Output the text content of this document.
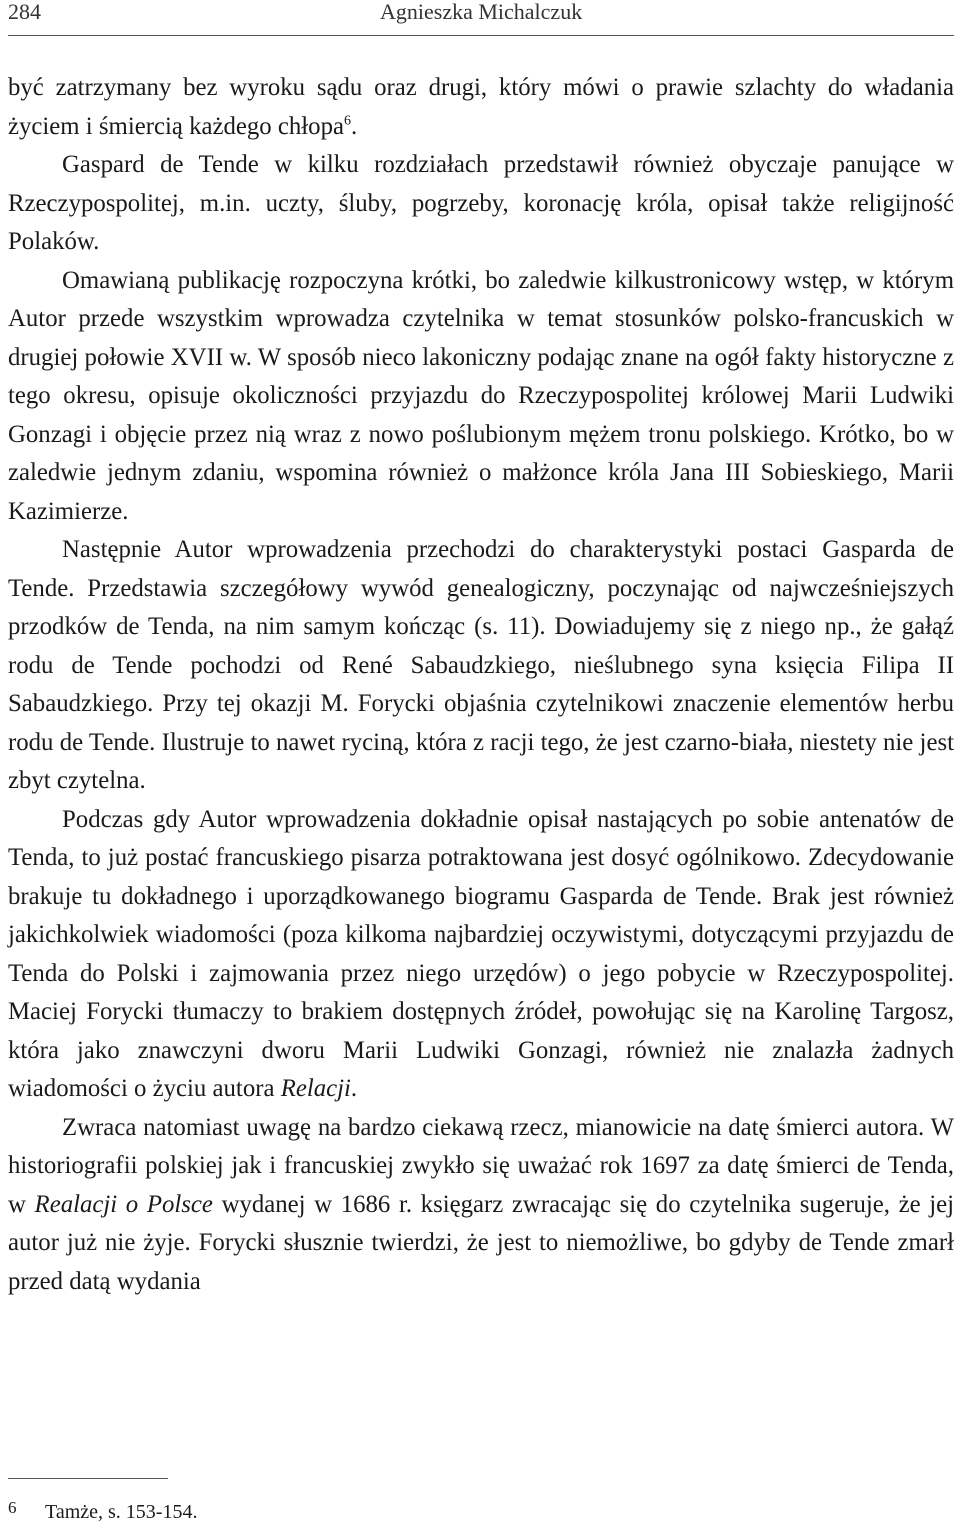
284	Agnieszka Michalczuk

być zatrzymany bez wyroku sądu oraz drugi, który mówi o prawie szlachty do władania życiem i śmiercią każdego chłopa$^6$.

Gaspard de Tende w kilku rozdziałach przedstawił również obyczaje panujące w Rzeczypospolitej, m.in. uczty, śluby, pogrzeby, koronację króla, opisał także religijność Polaków.

Omawianą publikację rozpoczyna krótki, bo zaledwie kilkustronicowy wstęp, w którym Autor przede wszystkim wprowadza czytelnika w temat stosunków polsko-francuskich w drugiej połowie XVII w. W sposób nieco lakoniczny podając znane na ogół fakty historyczne z tego okresu, opisuje okoliczności przyjazdu do Rzeczypospolitej królowej Marii Ludwiki Gonzagi i objęcie przez nią wraz z nowo poślubionym mężem tronu polskiego. Krótko, bo w zaledwie jednym zdaniu, wspomina również o małżonce króla Jana III Sobieskiego, Marii Kazimierze.

Następnie Autor wprowadzenia przechodzi do charakterystyki postaci Gasparda de Tende. Przedstawia szczegółowy wywód genealogiczny, poczynając od najwcześniejszych przodków de Tenda, na nim samym kończąc (s. 11). Dowiadujemy się z niego np., że gałąź rodu de Tende pochodzi od René Sabaudzkiego, nieślubnego syna księcia Filipa II Sabaudzkiego. Przy tej okazji M. Forycki objaśnia czytelnikowi znaczenie elementów herbu rodu de Tende. Ilustruje to nawet ryciną, która z racji tego, że jest czarno-biała, niestety nie jest zbyt czytelna.

Podczas gdy Autor wprowadzenia dokładnie opisał nastających po sobie antenatów de Tenda, to już postać francuskiego pisarza potraktowana jest dosyć ogólnikowo. Zdecydowanie brakuje tu dokładnego i uporządkowanego biogramu Gasparda de Tende. Brak jest również jakichkolwiek wiadomości (poza kilkoma najbardziej oczywistymi, dotyczącymi przyjazdu de Tenda do Polski i zajmowania przez niego urzędów) o jego pobycie w Rzeczypospolitej. Maciej Forycki tłumaczy to brakiem dostępnych źródeł, powołując się na Karolinę Targosz, która jako znawczyni dworu Marii Ludwiki Gonzagi, również nie znalazła żadnych wiadomości o życiu autora Relacji.

Zwraca natomiast uwagę na bardzo ciekawą rzecz, mianowicie na datę śmierci autora. W historiografii polskiej jak i francuskiej zwykło się uważać rok 1697 za datę śmierci de Tenda, w Realacji o Polsce wydanej w 1686 r. księgarz zwracając się do czytelnika sugeruje, że jej autor już nie żyje. Forycki słusznie twierdzi, że jest to niemożliwe, bo gdyby de Tende zmarł przed datą wydania

6 Tamże, s. 153-154.
